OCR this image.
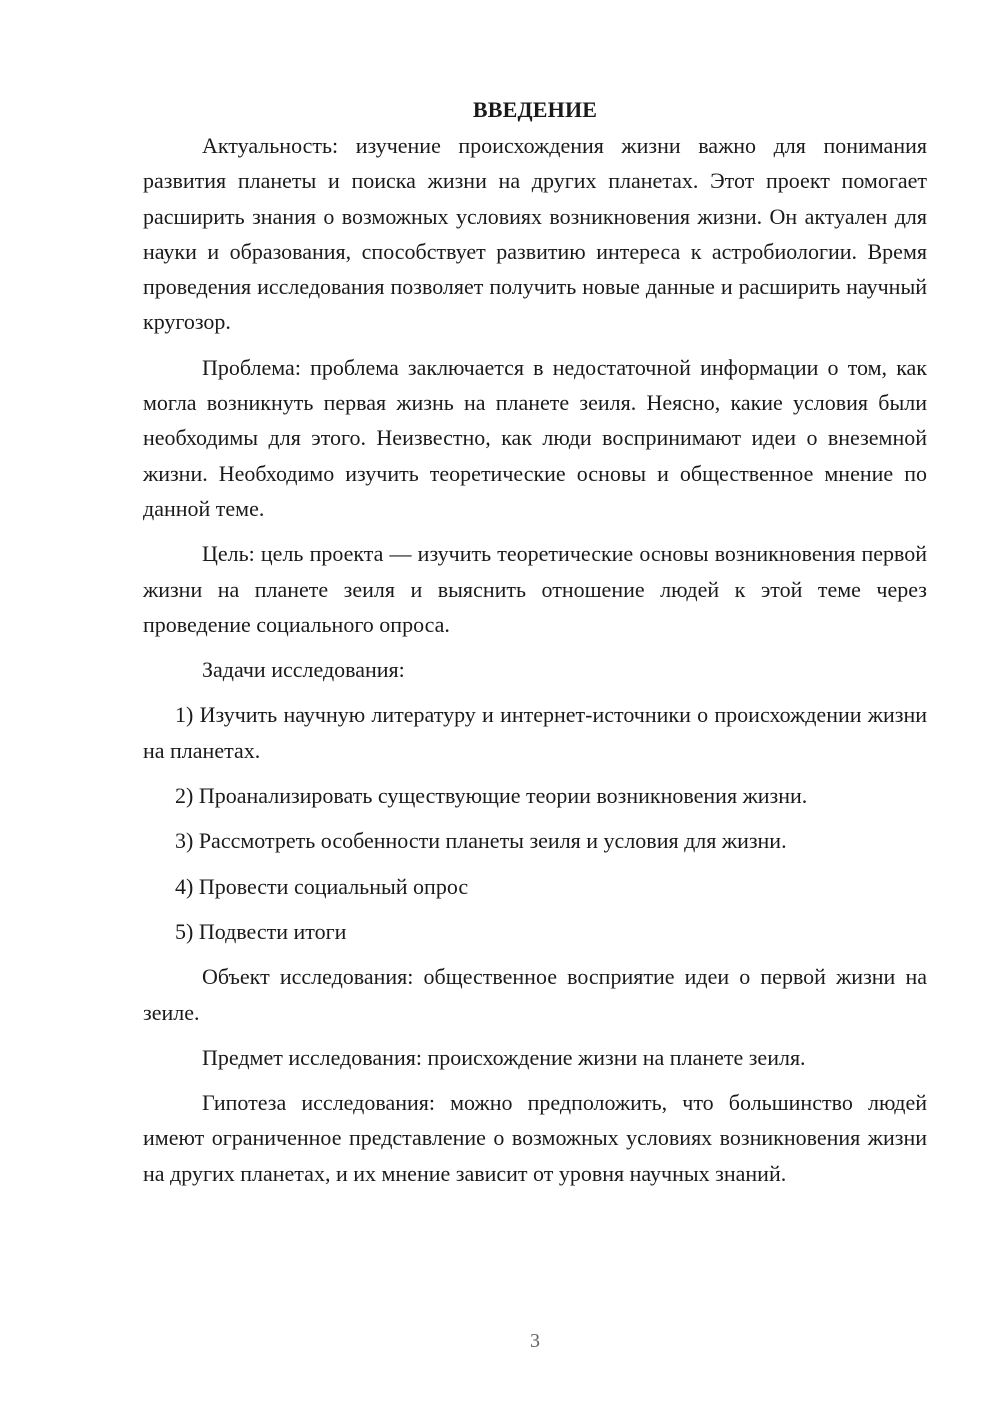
ВВЕДЕНИЕ

Актуальность: изучение происхождения жизни важно для понимания развития планеты и поиска жизни на других планетах. Этот проект помогает расширить знания о возможных условиях возникновения жизни. Он актуален для науки и образования, способствует развитию интереса к астробиологии. Время проведения исследования позволяет получить новые данные и расширить научный кругозор.

Проблема: проблема заключается в недостаточной информации о том, как могла возникнуть первая жизнь на планете зеиля. Неясно, какие условия были необходимы для этого. Неизвестно, как люди воспринимают идеи о внеземной жизни. Необходимо изучить теоретические основы и общественное мнение по данной теме.

Цель: цель проекта — изучить теоретические основы возникновения первой жизни на планете зеиля и выяснить отношение людей к этой теме через проведение социального опроса.

Задачи исследования:

1) Изучить научную литературу и интернет-источники о происхождении жизни на планетах.

2) Проанализировать существующие теории возникновения жизни.

3) Рассмотреть особенности планеты зеиля и условия для жизни.

4) Провести социальный опрос

5) Подвести итоги

Объект исследования: общественное восприятие идеи о первой жизни на зеиле.

Предмет исследования: происхождение жизни на планете зеиля.

Гипотеза исследования: можно предположить, что большинство людей имеют ограниченное представление о возможных условиях возникновения жизни на других планетах, и их мнение зависит от уровня научных знаний.

3
